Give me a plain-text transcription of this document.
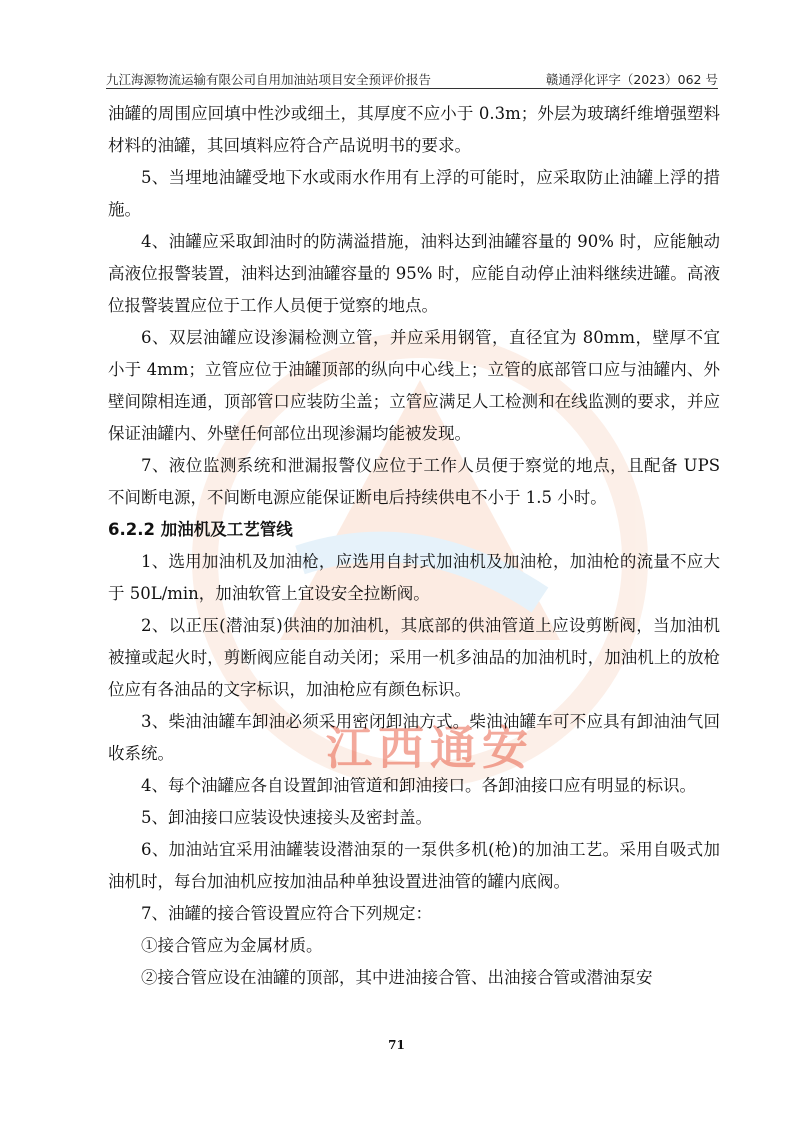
九江海源物流运输有限公司自用加油站项目安全预评价报告	赣通浮化评字（2023）062 号
江西通安

油罐的周围应回填中性沙或细土，其厚度不应小于 0.3m；外层为玻璃纤维增强塑料材料的油罐，其回填料应符合产品说明书的要求。

5、当埋地油罐受地下水或雨水作用有上浮的可能时，应采取防止油罐上浮的措施。

4、油罐应采取卸油时的防满溢措施，油料达到油罐容量的 90% 时，应能触动高液位报警装置，油料达到油罐容量的 95% 时，应能自动停止油料继续进罐。高液位报警装置应位于工作人员便于觉察的地点。

6、双层油罐应设渗漏检测立管，并应采用钢管，直径宜为 80mm，壁厚不宜小于 4mm；立管应位于油罐顶部的纵向中心线上；立管的底部管口应与油罐内、外壁间隙相连通，顶部管口应装防尘盖；立管应满足人工检测和在线监测的要求，并应保证油罐内、外壁任何部位出现渗漏均能被发现。

7、液位监测系统和泄漏报警仪应位于工作人员便于察觉的地点，且配备 UPS 不间断电源，不间断电源应能保证断电后持续供电不小于 1.5 小时。

6.2.2 加油机及工艺管线

1、选用加油机及加油枪，应选用自封式加油机及加油枪，加油枪的流量不应大于 50L/min，加油软管上宜设安全拉断阀。

2、以正压(潜油泵)供油的加油机，其底部的供油管道上应设剪断阀，当加油机被撞或起火时，剪断阀应能自动关闭；采用一机多油品的加油机时，加油机上的放枪位应有各油品的文字标识，加油枪应有颜色标识。

3、柴油油罐车卸油必须采用密闭卸油方式。柴油油罐车可不应具有卸油油气回收系统。

4、每个油罐应各自设置卸油管道和卸油接口。各卸油接口应有明显的标识。

5、卸油接口应装设快速接头及密封盖。

6、加油站宜采用油罐装设潜油泵的一泵供多机(枪)的加油工艺。采用自吸式加油机时，每台加油机应按加油品种单独设置进油管的罐内底阀。

7、油罐的接合管设置应符合下列规定：

①接合管应为金属材质。

②接合管应设在油罐的顶部，其中进油接合管、出油接合管或潜油泵安

71
